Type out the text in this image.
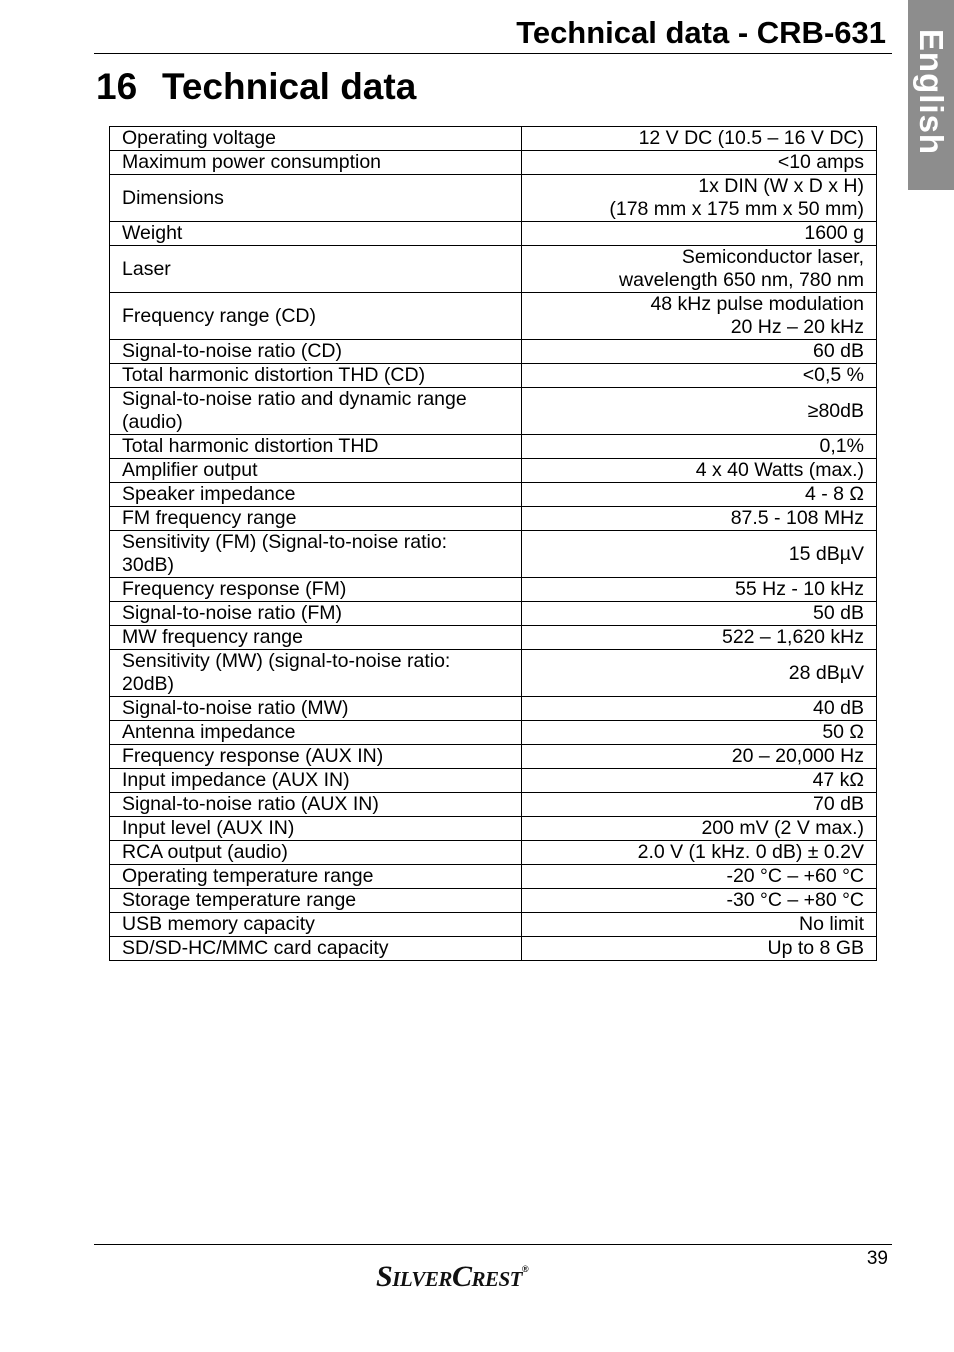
Technical data - CRB-631 English
16 Technical data
Operating voltage	12 V DC (10.5 – 16 V DC)

Maximum power consumption	<10 amps

Dimensions	1x DIN (W x D x H)
(178 mm x 175 mm x 50 mm)

Weight	1600 g

Laser	Semiconductor laser,
wavelength 650 nm, 780 nm

Frequency range (CD)	48 kHz pulse modulation
20 Hz – 20 kHz

Signal-to-noise ratio (CD)	60 dB

Total harmonic distortion THD (CD)	<0,5 %

Signal-to-noise ratio and dynamic range
(audio)	≥80dB

Total harmonic distortion THD	0,1%

Amplifier output	4 x 40 Watts (max.)

Speaker impedance	4 - 8 Ω

FM frequency range	87.5 - 108 MHz

Sensitivity (FM) (Signal-to-noise ratio:
30dB)	15 dBµV

Frequency response (FM)	55 Hz - 10 kHz

Signal-to-noise ratio (FM)	50 dB

MW frequency range	522 – 1,620 kHz

Sensitivity (MW) (signal-to-noise ratio:
20dB)	28 dBµV

Signal-to-noise ratio (MW)	40 dB

Antenna impedance	50 Ω

Frequency response (AUX IN)	20 – 20,000 Hz

Input impedance (AUX IN)	47 kΩ

Signal-to-noise ratio (AUX IN)	70 dB

Input level (AUX IN)	200 mV (2 V max.)

RCA output (audio)	2.0 V (1 kHz. 0 dB) ± 0.2V

Operating temperature range	-20 °C – +60 °C

Storage temperature range	-30 °C – +80 °C

USB memory capacity	No limit

SD/SD-HC/MMC card capacity	Up to 8 GB
39
SILVERCREST®
